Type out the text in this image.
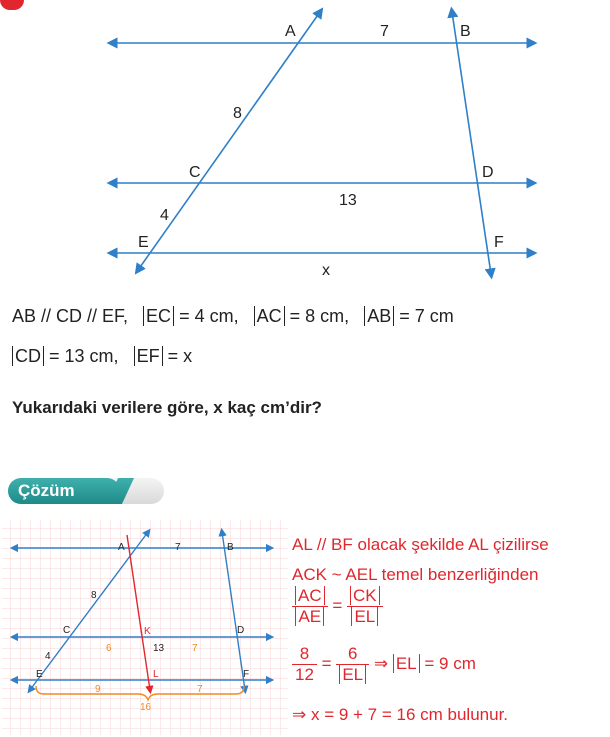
A	B
C	D
E	F
7
8
13
4
x
AB // CD // EF, EC = 4 cm, AC = 8 cm, AB = 7 cm
CD = 13 cm, EF = x
Yukarıdaki verilere göre, x kaç cm’dir?
Çözüm
A	B
C	D
E	F
7
8
4
13
K
L
6	7
9	7
16
AL // BF olacak şekilde AL çizilirse
ACK ~ AEL temel benzerliğinden
$\frac{AC}{AE} = \frac{CK}{EL}$
$\frac{8}{12} = \frac{6}{EL}$ ⇒ EL = 9 cm
⇒ x = 9 + 7 = 16 cm bulunur.
